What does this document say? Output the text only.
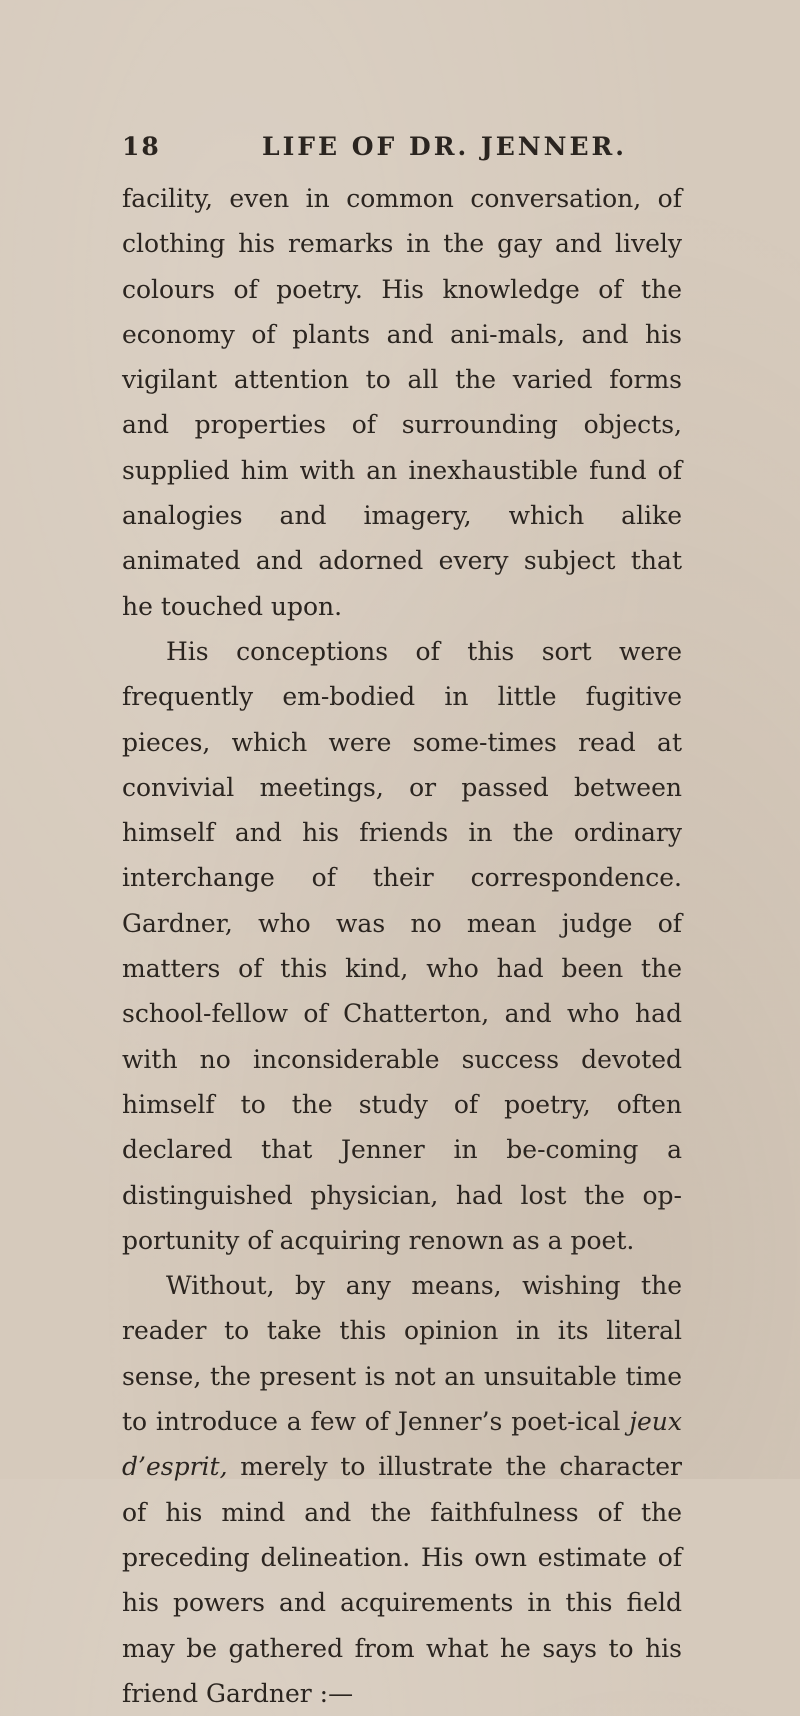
18	LIFE OF DR. JENNER.

facility, even in common conversation, of clothing his remarks in the gay and lively colours of poetry. His knowledge of the economy of plants and ani-mals, and his vigilant attention to all the varied forms and properties of surrounding objects, supplied him with an inexhaustible fund of analogies and imagery, which alike animated and adorned every subject that he touched upon.

His conceptions of this sort were frequently em-bodied in little fugitive pieces, which were some-times read at convivial meetings, or passed between himself and his friends in the ordinary interchange of their correspondence. Gardner, who was no mean judge of matters of this kind, who had been the school-fellow of Chatterton, and who had with no inconsiderable success devoted himself to the study of poetry, often declared that Jenner in be-coming a distinguished physician, had lost the op-portunity of acquiring renown as a poet.

Without, by any means, wishing the reader to take this opinion in its literal sense, the present is not an unsuitable time to introduce a few of Jenner’s poet-ical jeux d’esprit, merely to illustrate the character of his mind and the faithfulness of the preceding delineation. His own estimate of his powers and acquirements in this field may be gathered from what he says to his friend Gardner :—
